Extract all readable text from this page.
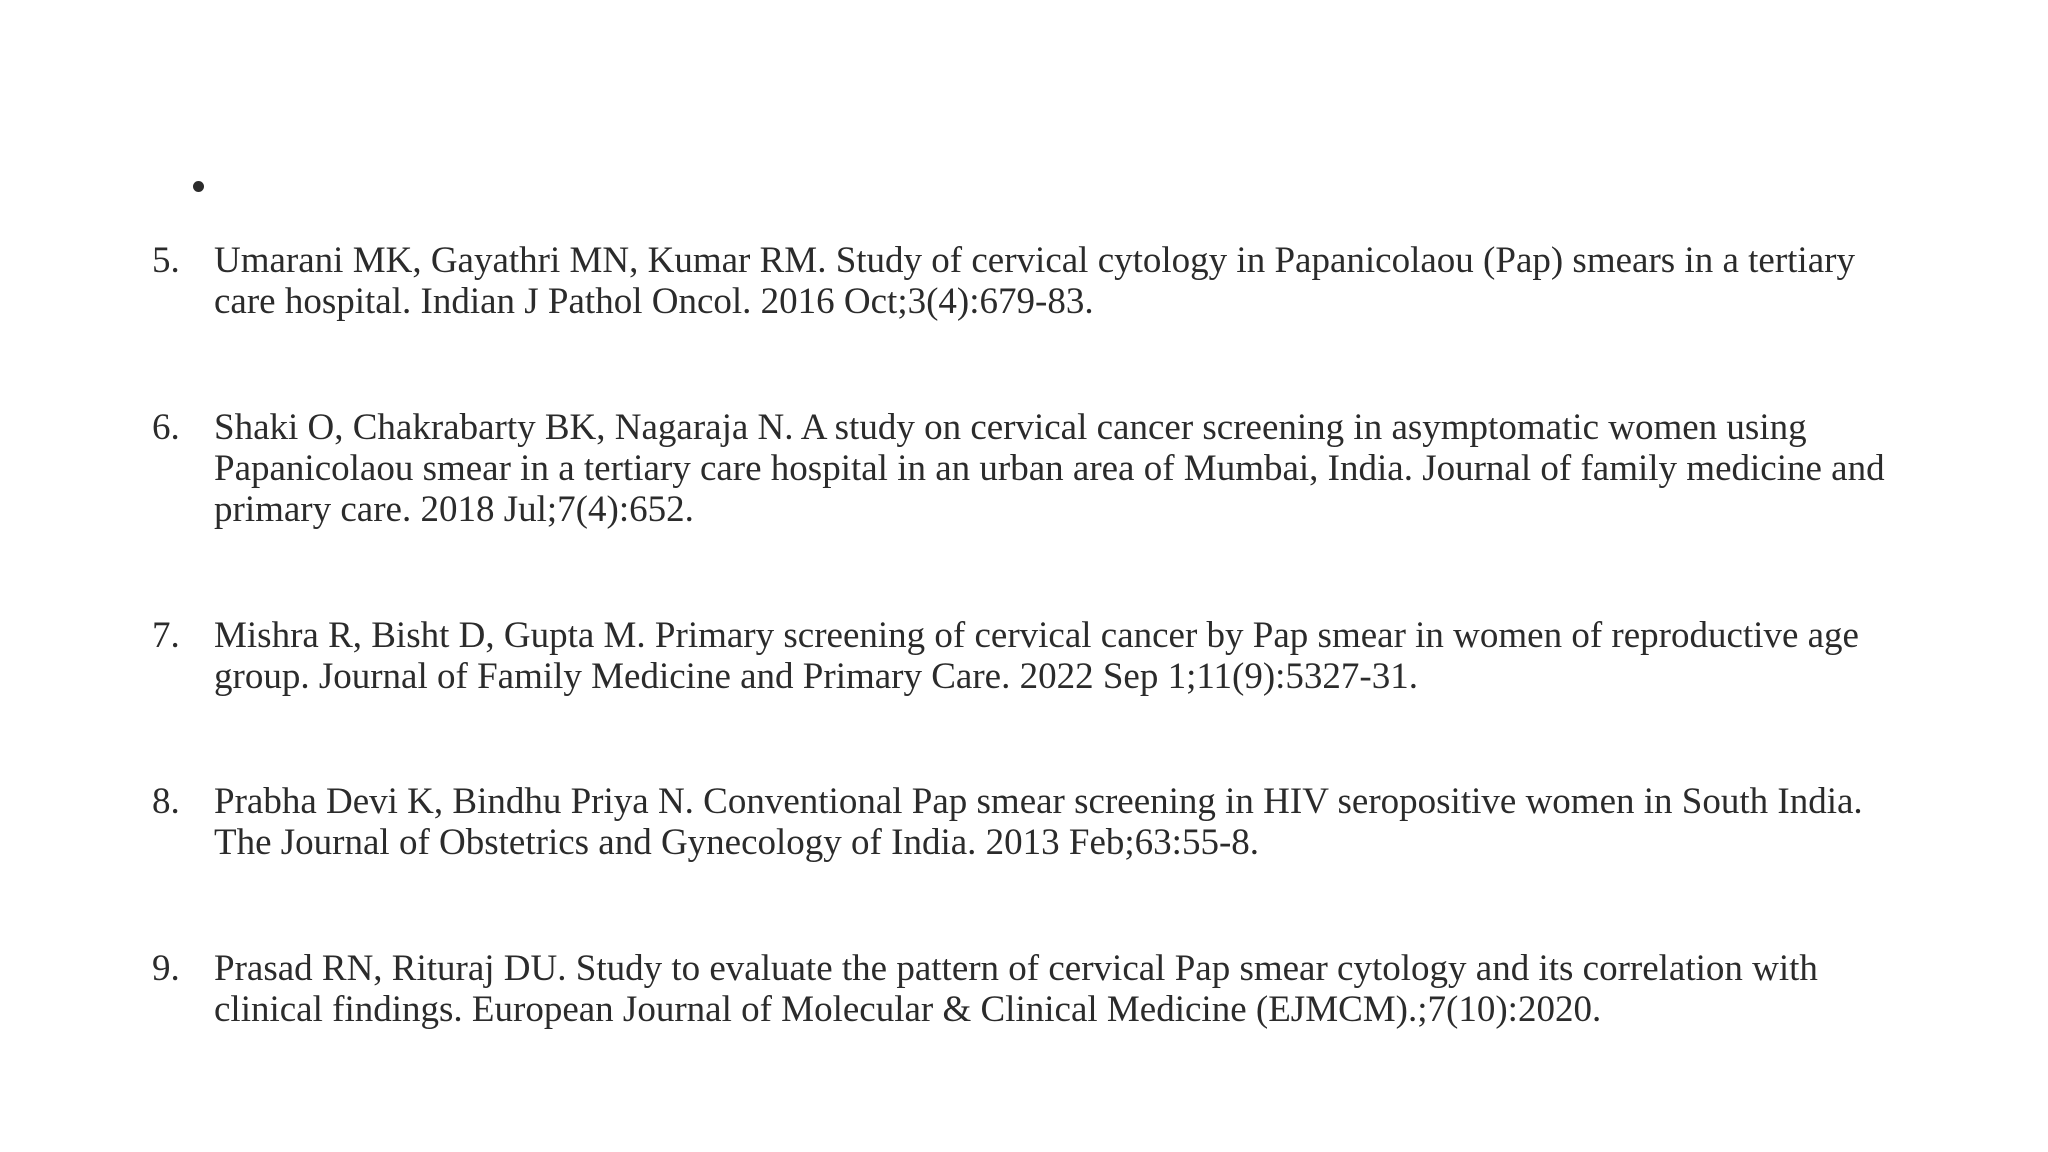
5. Umarani MK, Gayathri MN, Kumar RM. Study of cervical cytology in Papanicolaou (Pap) smears in a tertiary care hospital. Indian J Pathol Oncol. 2016 Oct;3(4):679-83.
6. Shaki O, Chakrabarty BK, Nagaraja N. A study on cervical cancer screening in asymptomatic women using Papanicolaou smear in a tertiary care hospital in an urban area of Mumbai, India. Journal of family medicine and primary care. 2018 Jul;7(4):652.
7. Mishra R, Bisht D, Gupta M. Primary screening of cervical cancer by Pap smear in women of reproductive age group. Journal of Family Medicine and Primary Care. 2022 Sep 1;11(9):5327-31.
8. Prabha Devi K, Bindhu Priya N. Conventional Pap smear screening in HIV seropositive women in South India. The Journal of Obstetrics and Gynecology of India. 2013 Feb;63:55-8.
9. Prasad RN, Rituraj DU. Study to evaluate the pattern of cervical Pap smear cytology and its correlation with clinical findings. European Journal of Molecular & Clinical Medicine (EJMCM).;7(10):2020.
